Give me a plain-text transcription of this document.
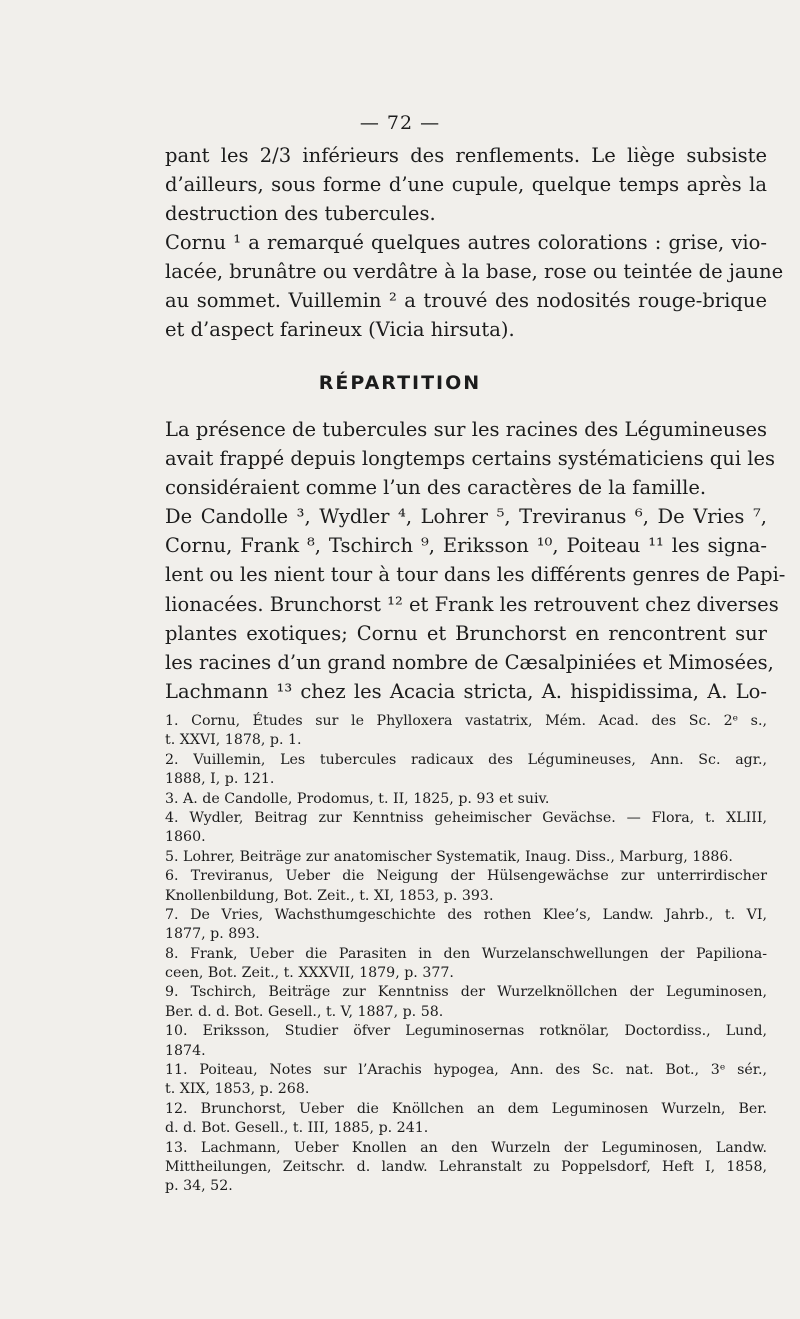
— 72 —
pant les 2/3 inférieurs des renflements. Le liège subsiste
d’ailleurs, sous forme d’une cupule, quelque temps après la
destruction des tubercules.
Cornu ¹ a remarqué quelques autres colorations : grise, vio-
lacée, brunâtre ou verdâtre à la base, rose ou teintée de jaune
au sommet. Vuillemin ² a trouvé des nodosités rouge-brique
et d’aspect farineux (Vicia hirsuta).
RÉPARTITION
La présence de tubercules sur les racines des Légumineuses
avait frappé depuis longtemps certains systématiciens qui les
considéraient comme l’un des caractères de la famille.
De Candolle ³, Wydler ⁴, Lohrer ⁵, Treviranus ⁶, De Vries ⁷,
Cornu, Frank ⁸, Tschirch ⁹, Eriksson ¹⁰, Poiteau ¹¹ les signa-
lent ou les nient tour à tour dans les différents genres de Papi-
lionacées. Brunchorst ¹² et Frank les retrouvent chez diverses
plantes exotiques; Cornu et Brunchorst en rencontrent sur
les racines d’un grand nombre de Cæsalpiniées et Mimosées,
Lachmann ¹³ chez les Acacia stricta, A. hispidissima, A. Lo-
1. Cornu, Études sur le Phylloxera vastatrix, Mém. Acad. des Sc. 2ᵉ s.,
t. XXVI, 1878, p. 1.
2. Vuillemin, Les tubercules radicaux des Légumineuses, Ann. Sc. agr.,
1888, I, p. 121.
3. A. de Candolle, Prodomus, t. II, 1825, p. 93 et suiv.
4. Wydler, Beitrag zur Kenntniss geheimischer Gevächse. — Flora, t. XLIII,
1860.
5. Lohrer, Beiträge zur anatomischer Systematik, Inaug. Diss., Marburg, 1886.
6. Treviranus, Ueber die Neigung der Hülsengewächse zur unterrirdischer
Knollenbildung, Bot. Zeit., t. XI, 1853, p. 393.
7. De Vries, Wachsthumgeschichte des rothen Klee’s, Landw. Jahrb., t. VI,
1877, p. 893.
8. Frank, Ueber die Parasiten in den Wurzelanschwellungen der Papiliona-
ceen, Bot. Zeit., t. XXXVII, 1879, p. 377.
9. Tschirch, Beiträge zur Kenntniss der Wurzelknöllchen der Leguminosen,
Ber. d. d. Bot. Gesell., t. V, 1887, p. 58.
10. Eriksson, Studier öfver Leguminosernas rotknölar, Doctordiss., Lund,
1874.
11. Poiteau, Notes sur l’Arachis hypogea, Ann. des Sc. nat. Bot., 3ᵉ sér.,
t. XIX, 1853, p. 268.
12. Brunchorst, Ueber die Knöllchen an dem Leguminosen Wurzeln, Ber.
d. d. Bot. Gesell., t. III, 1885, p. 241.
13. Lachmann, Ueber Knollen an den Wurzeln der Leguminosen, Landw.
Mittheilungen, Zeitschr. d. landw. Lehranstalt zu Poppelsdorf, Heft I, 1858,
p. 34, 52.
